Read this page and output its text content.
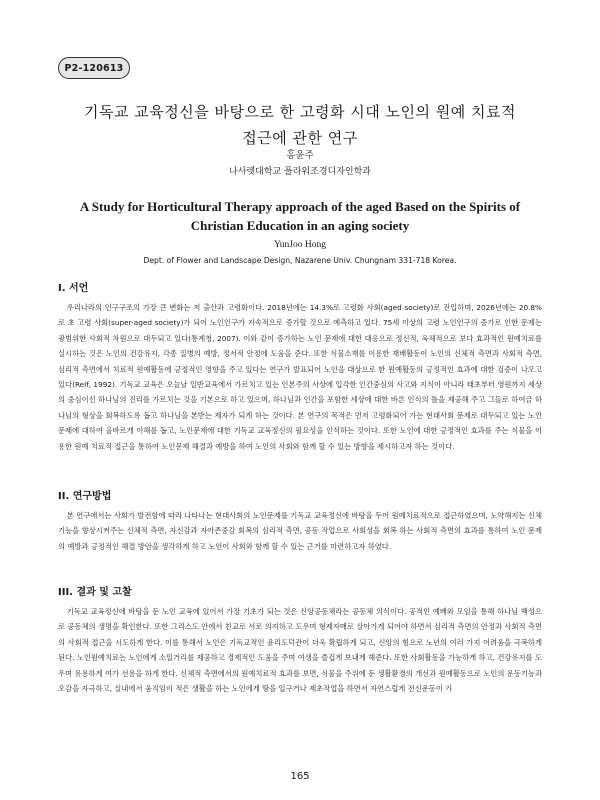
P2-120613
기독교 교육정신을 바탕으로 한 고령화 시대 노인의 원예 치료적
접근에 관한 연구
홍윤주
나사렛대학교 플라워조경디자인학과
A Study for Horticultural Therapy approach of the aged Based on the Spirits of
Christian Education in an aging society
YunJoo Hong
Dept. of Flower and Landscape Design, Nazarene Univ. Chungnam 331-718 Korea.
I. 서언

우리나라의 인구구조의 가장 큰 변화는 저 출산과 고령화이다. 2018년에는 14.3%로 고령화 사회(aged society)로 진입하며, 2026년에는 20.8%로 초 고령 사회(super-aged society)가 되어 노인인구가 지속적으로 증가할 것으로 예측하고 있다. 75세 이상의 고령 노인인구의 증가로 인한 문제는 광범위한 사회적 차원으로 대두되고 있다(통계청, 2007). 이와 같이 증가하는 노인 문제에 대한 대응으로 정신적, 육체적으로 보다 효과적인 원예치료를 실시하는 것은 노인의 건강유지, 각종 질병의 예방, 정서적 안정에 도움을 준다. 또한 식물소재를 이용한 재배활동이 노인의 신체적 측면과 사회적 측면, 심리적 측면에서 치료적 원예활동에 긍정적인 영향을 주고 있다는 연구가 발표되어 노인을 대상으로 한 원예활동의 긍정적인 효과에 대한 검증이 나오고 있다(Relf, 1992). 기독교 교육은 오늘날 일반교육에서 가르치고 있는 인본주의 사상에 입각한 인간중심의 사고와 지식이 아니라 태초부터 영원까지 세상의 중심이신 하나님의 진리를 가르치는 것을 기본으로 하고 있으며, 하나님과 인간을 포함한 세상에 대한 바른 인식의 틀을 제공해 주고 그들로 하여금 하나님의 형상을 회복하도록 돕고 하나님을 본받는 제자가 되게 하는 것이다. 본 연구의 목적은 먼저 고령화되어 가는 현대사회 문제로 대두되고 있는 노인 문제에 대하여 올바르게 이해를 돕고, 노인문제에 대한 기독교 교육정신의 필요성을 인식하는 것이다. 또한 노인에 대한 긍정적인 효과를 주는 식물을 이용한 원예 치료적 접근을 통하여 노인문제 해결과 예방을 하여 노인의 사회와 함께 할 수 있는 방향을 제시하고자 하는 것이다.

II. 연구방법

본 연구에서는 사회가 발전함에 따라 나타나는 현대사회의 노인문제를 기독교 교육정신에 바탕을 두어 원예치료적으로 접근하였으며, 노약해지는 신체 기능을 향상시켜주는 신체적 측면, 자신감과 자아존중감 회복의 심리적 측면, 공동 작업으로 사회성을 회복 하는 사회적 측면의 효과를 통하여 노인 문제의 예방과 긍정적인 해결 방안을 생각하게 하고 노인이 사회와 함께 할 수 있는 근거를 마련하고자 하였다.

III. 결과 및 고찰

기독교 교육정신에 바탕을 둔 노인 교육에 있어서 가장 기초가 되는 것은 신앙공동체라는 공동체 의식이다. 공적인 예배와 모임을 통해 하나님 백성으로 공동체의 생명을 확인한다. 또한 그리스도 안에서 친교로 서로 의지하고 도우며 형제자매로 살아가게 되어야 하면서 심리적 측면의 안정과 사회적 측면의 사회적 접근을 시도하게 한다. 이를 통해서 노인은 기독교적인 윤리도덕관이 더욱 확립하게 되고, 신앙의 힘으로 노년의 여러 가지 어려움을 극복하게 된다. 노인원예치료는 노인에게 소일거리를 제공하고 경제적인 도움을 주며 여생을 즐겁게 보내게 해준다. 또한 사회활동을 가능하게 하고, 건강유지를 도우며 유용하게 여가 선용을 하게 한다. 신체적 측면에서의 원예치료적 효과를 보면, 식물을 주위에 둔 생활환경의 개선과 원예활동으로 노인의 운동기능과 오감을 자극하고, 실내에서 움직임이 적은 생활을 하는 노인에게 땅을 일구거나 제초작업을 하면서 자연스럽게 전신운동이 가

165
